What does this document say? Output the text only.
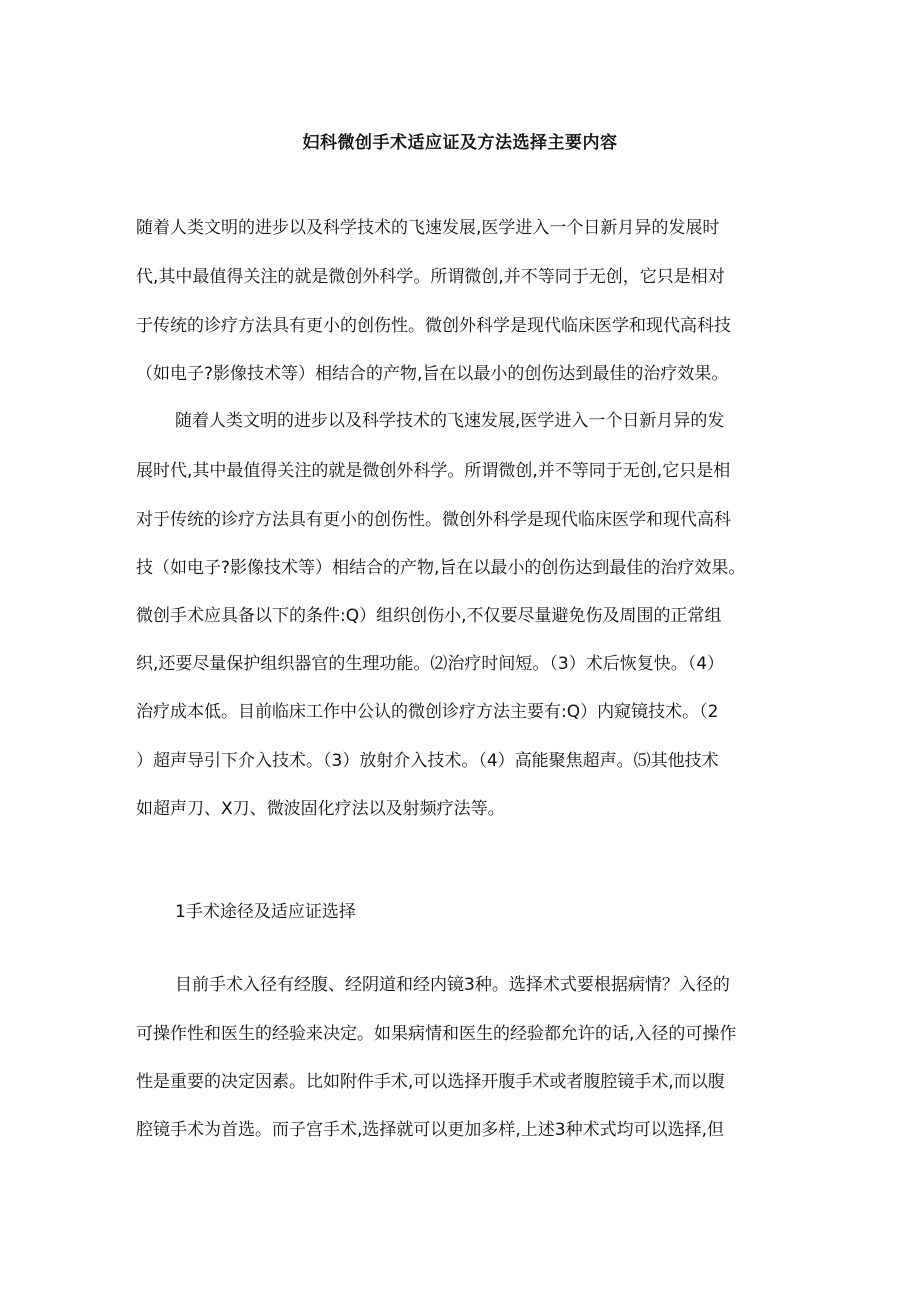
妇科微创手术适应证及方法选择主要内容
随着人类文明的进步以及科学技术的飞速发展,医学进入一个日新月异的发展时
代,其中最值得关注的就是微创外科学。所谓微创,并不等同于无创，它只是相对
于传统的诊疗方法具有更小的创伤性。微创外科学是现代临床医学和现代高科技
（如电子?影像技术等）相结合的产物,旨在以最小的创伤达到最佳的治疗效果。
随着人类文明的进步以及科学技术的飞速发展,医学进入一个日新月异的发
展时代,其中最值得关注的就是微创外科学。所谓微创,并不等同于无创,它只是相
对于传统的诊疗方法具有更小的创伤性。微创外科学是现代临床医学和现代高科
技（如电子?影像技术等）相结合的产物,旨在以最小的创伤达到最佳的治疗效果。
微创手术应具备以下的条件:Q）组织创伤小,不仅要尽量避免伤及周围的正常组
织,还要尽量保护组织器官的生理功能。⑵治疗时间短。（3）术后恢复快。（4）
治疗成本低。目前临床工作中公认的微创诊疗方法主要有:Q）内窥镜技术。（2
）超声导引下介入技术。（3）放射介入技术。（4）高能聚焦超声。⑸其他技术
如超声刀、X刀、微波固化疗法以及射频疗法等。
1手术途径及适应证选择
目前手术入径有经腹、经阴道和经内镜3种。选择术式要根据病情？入径的
可操作性和医生的经验来决定。如果病情和医生的经验都允许的话,入径的可操作
性是重要的决定因素。比如附件手术,可以选择开腹手术或者腹腔镜手术,而以腹
腔镜手术为首选。而子宫手术,选择就可以更加多样,上述3种术式均可以选择,但
